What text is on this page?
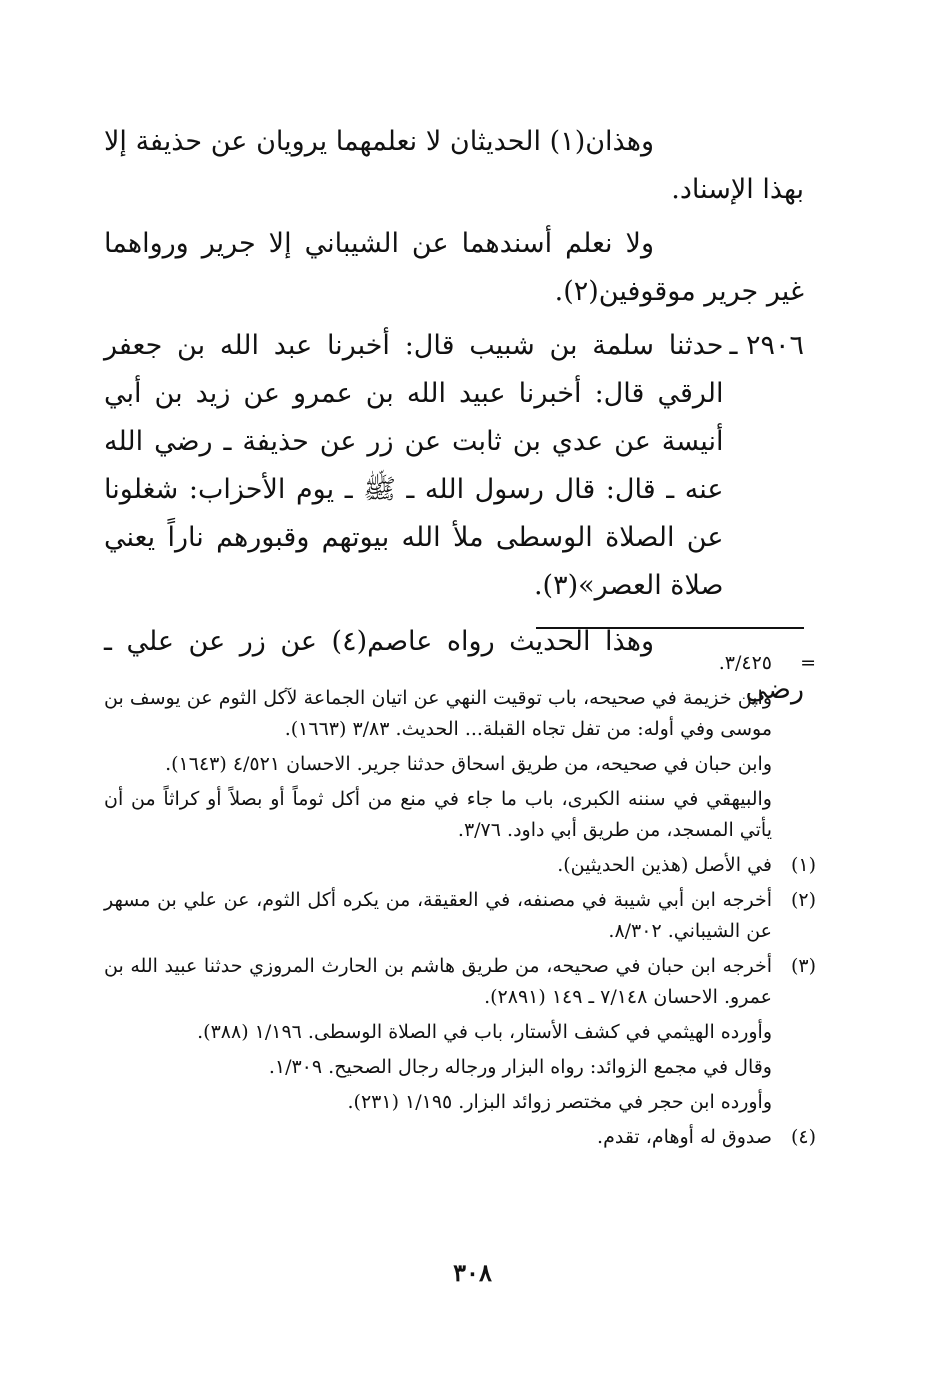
وهذان(١) الحديثان لا نعلمهما يرويان عن حذيفة إلا بهذا الإسناد.

ولا نعلم أسندهما عن الشيباني إلا جرير ورواهما غير جرير موقوفين(٢).

٢٩٠٦ ـ
حدثنا سلمة بن شبيب قال: أخبرنا عبد الله بن جعفر الرقي قال: أخبرنا عبيد الله بن عمرو عن زيد بن أبي أنيسة عن عدي بن ثابت عن زر عن حذيفة ـ رضي الله عنه ـ قال: قال رسول الله ـ ﷺ ـ يوم الأحزاب: شغلونا عن الصلاة الوسطى ملأ الله بيوتهم وقبورهم ناراً يعني صلاة العصر»(٣).

وهذا الحديث رواه عاصم(٤) عن زر عن علي ـ رضي

=
٣/٤٢٥.

وابن خزيمة في صحيحه، باب توقيت النهي عن اتيان الجماعة لآكل الثوم عن يوسف بن موسى وفي أوله: من تفل تجاه القبلة... الحديث. ٣/٨٣ (١٦٦٣).

وابن حبان في صحيحه، من طريق اسحاق حدثنا جرير. الاحسان ٤/٥٢١ (١٦٤٣).

والبيهقي في سننه الكبرى، باب ما جاء في منع من أكل ثوماً أو بصلاً أو كراثاً من أن يأتي المسجد، من طريق أبي داود. ٣/٧٦.

(١)
في الأصل (هذين الحديثين).
(٢)
أخرجه ابن أبي شيبة في مصنفه، في العقيقة، من يكره أكل الثوم، عن علي بن مسهر عن الشيباني. ٨/٣٠٢.
(٣)
أخرجه ابن حبان في صحيحه، من طريق هاشم بن الحارث المروزي حدثنا عبيد الله بن عمرو. الاحسان ٧/١٤٨ ـ ١٤٩ (٢٨٩١).

وأورده الهيثمي في كشف الأستار، باب في الصلاة الوسطى. ١/١٩٦ (٣٨٨).

وقال في مجمع الزوائد: رواه البزار ورجاله رجال الصحيح. ١/٣٠٩.

وأورده ابن حجر في مختصر زوائد البزار. ١/١٩٥ (٢٣١).

(٤)
صدوق له أوهام، تقدم.
٣٠٨
